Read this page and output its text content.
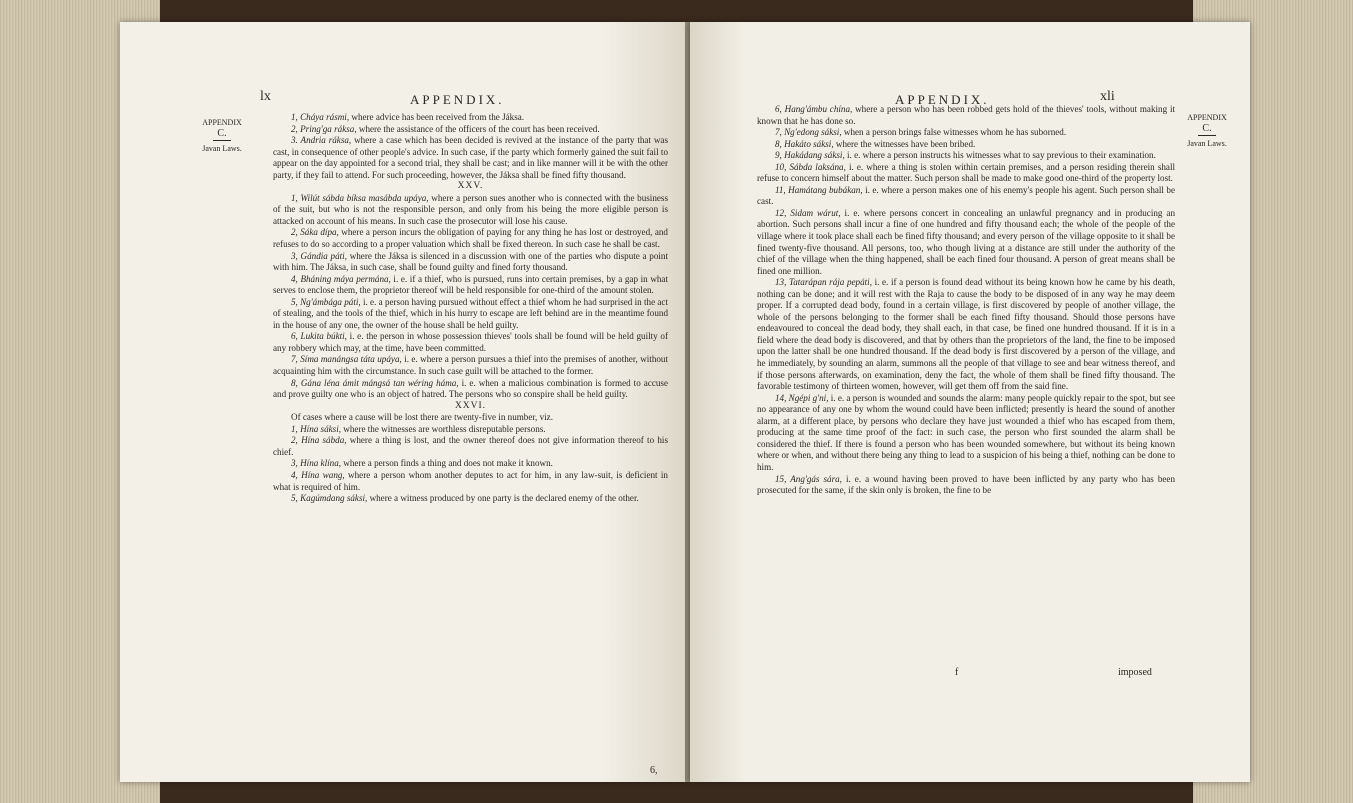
lx	APPENDIX.
APPENDIX
C.
Javan Laws.

1, Cháya rásmi, where advice has been received from the Jáksa.

2, Pring'ga ráksa, where the assistance of the officers of the court has been received.

3. Andria ráksa, where a case which has been decided is revived at the instance of the party that was cast, in consequence of other people's advice. In such case, if the party which formerly gained the suit fail to appear on the day appointed for a second trial, they shall be cast; and in like manner will it be with the other party, if they fail to attend. For such proceeding, however, the Jáksa shall be fined fifty thousand.

XXV.

1, Wilút sábda bíksa masábda upáya, where a person sues another who is connected with the business of the suit, but who is not the responsible person, and only from his being the more eligible person is attacked on account of his means. In such case the prosecutor will lose his cause.

2, Sáka dípa, where a person incurs the obligation of paying for any thing he has lost or destroyed, and refuses to do so according to a proper valuation which shall be fixed thereon. In such case he shall be cast.

3, Gándia páti, where the Jáksa is silenced in a discussion with one of the parties who dispute a point with him. The Jáksa, in such case, shall be found guilty and fined forty thousand.

4, Bháning máya permána, i. e. if a thief, who is pursued, runs into certain premises, by a gap in what serves to enclose them, the proprietor thereof will be held responsible for one-third of the amount stolen.

5, Ng'ámbága páti, i. e. a person having pursued without effect a thief whom he had surprised in the act of stealing, and the tools of the thief, which in his hurry to escape are left behind are in the meantime found in the house of any one, the owner of the house shall be held guilty.

6, Lukita búkti, i. e. the person in whose possession thieves' tools shall be found will be held guilty of any robbery which may, at the time, have been committed.

7, Síma manángsa táta upáya, i. e. where a person pursues a thief into the premises of another, without acquainting him with the circumstance. In such case guilt will be attached to the former.

8, Gána léna ámit mángsá tan wéring háma, i. e. when a malicious combination is formed to accuse and prove guilty one who is an object of hatred. The persons who so conspire shall be held guilty.

XXVI.

Of cases where a cause will be lost there are twenty-five in number, viz.

1, Hína sáksi, where the witnesses are worthless disreputable persons.

2, Hína sábda, where a thing is lost, and the owner thereof does not give information thereof to his chief.

3, Hína klína, where a person finds a thing and does not make it known.

4, Hína wang, where a person whom another deputes to act for him, in any law-suit, is deficient in what is required of him.

5, Kagúmdang sáksi, where a witness produced by one party is the declared enemy of the other.

6,
APPENDIX.	xli
APPENDIX
C.
Javan Laws.

6, Hang'ámbu chína, where a person who has been robbed gets hold of the thieves' tools, without making it known that he has done so.

7, Ng'edong sáksi, when a person brings false witnesses whom he has suborned.

8, Hakáto sáksi, where the witnesses have been bribed.

9, Hakádang sáksi, i. e. where a person instructs his witnesses what to say previous to their examination.

10, Sábda laksána, i. e. where a thing is stolen within certain premises, and a person residing therein shall refuse to concern himself about the matter. Such person shall be made to make good one-third of the property lost.

11, Hamátang bubákan, i. e. where a person makes one of his enemy's people his agent. Such person shall be cast.

12, Sidam wárut, i. e. where persons concert in concealing an unlawful pregnancy and in producing an abortion. Such persons shall incur a fine of one hundred and fifty thousand each; the whole of the people of the village where it took place shall each be fined fifty thousand; and every person of the village opposite to it shall be fined twenty-five thousand. All persons, too, who though living at a distance are still under the authority of the chief of the village when the thing happened, shall be each fined four thousand. A person of great means shall be fined one million.

13, Tatarápan rája pepáti, i. e. if a person is found dead without its being known how he came by his death, nothing can be done; and it will rest with the Raja to cause the body to be disposed of in any way he may deem proper. If a corrupted dead body, found in a certain village, is first discovered by people of another village, the whole of the persons belonging to the former shall be each fined fifty thousand. Should those persons have endeavoured to conceal the dead body, they shall each, in that case, be fined one hundred thousand. If it is in a field where the dead body is discovered, and that by others than the proprietors of the land, the fine to be imposed upon the latter shall be one hundred thousand. If the dead body is first discovered by a person of the village, and he immediately, by sounding an alarm, summons all the people of that village to see and bear witness thereof, and if those persons afterwards, on examination, deny the fact, the whole of them shall be fined fifty thousand. The favorable testimony of thirteen women, however, will get them off from the said fine.

14, Ngépi g'ni, i. e. a person is wounded and sounds the alarm: many people quickly repair to the spot, but see no appearance of any one by whom the wound could have been inflicted; presently is heard the sound of another alarm, at a different place, by persons who declare they have just wounded a thief who has escaped from them, producing at the same time proof of the fact: in such case, the person who first sounded the alarm shall be considered the thief. If there is found a person who has been wounded somewhere, but without its being known where or when, and without there being any thing to lead to a suspicion of his being a thief, nothing can be done to him.

15, Ang'gás sára, i. e. a wound having been proved to have been inflicted by any party who has been prosecuted for the same, if the skin only is broken, the fine to be

f	imposed
